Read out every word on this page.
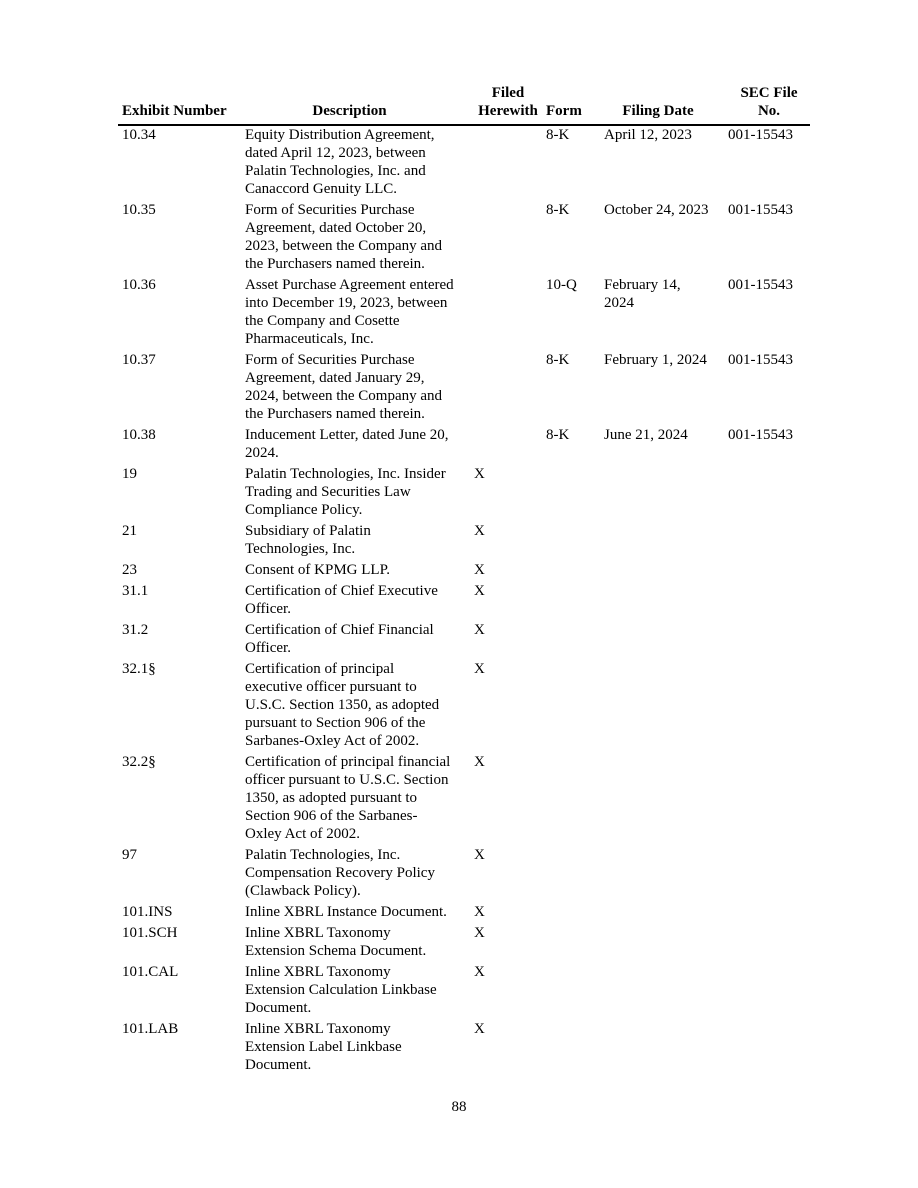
Exhibit Number	Description	Filed Herewith	Form	Filing Date	SEC File No.
10.34	Equity Distribution Agreement, dated April 12, 2023, between Palatin Technologies, Inc. and Canaccord Genuity LLC.		8-K	April 12, 2023	001-15543
10.35	Form of Securities Purchase Agreement, dated October 20, 2023, between the Company and the Purchasers named therein.		8-K	October 24, 2023	001-15543
10.36	Asset Purchase Agreement entered into December 19, 2023, between the Company and Cosette Pharmaceuticals, Inc.		10-Q	February 14, 2024	001-15543
10.37	Form of Securities Purchase Agreement, dated January 29, 2024, between the Company and the Purchasers named therein.		8-K	February 1, 2024	001-15543
10.38	Inducement Letter, dated June 20, 2024.		8-K	June 21, 2024	001-15543
19	Palatin Technologies, Inc. Insider Trading and Securities Law Compliance Policy.	X			
21	Subsidiary of Palatin Technologies, Inc.	X			
23	Consent of KPMG LLP.	X			
31.1	Certification of Chief Executive Officer.	X			
31.2	Certification of Chief Financial Officer.	X			
32.1§	Certification of principal executive officer pursuant to U.S.C. Section 1350, as adopted pursuant to Section 906 of the Sarbanes-Oxley Act of 2002.	X			
32.2§	Certification of principal financial officer pursuant to U.S.C. Section 1350, as adopted pursuant to Section 906 of the Sarbanes-Oxley Act of 2002.	X			
97	Palatin Technologies, Inc. Compensation Recovery Policy (Clawback Policy).	X			
101.INS	Inline XBRL Instance Document.	X			
101.SCH	Inline XBRL Taxonomy Extension Schema Document.	X			
101.CAL	Inline XBRL Taxonomy Extension Calculation Linkbase Document.	X			
101.LAB	Inline XBRL Taxonomy Extension Label Linkbase Document.	X			
88
